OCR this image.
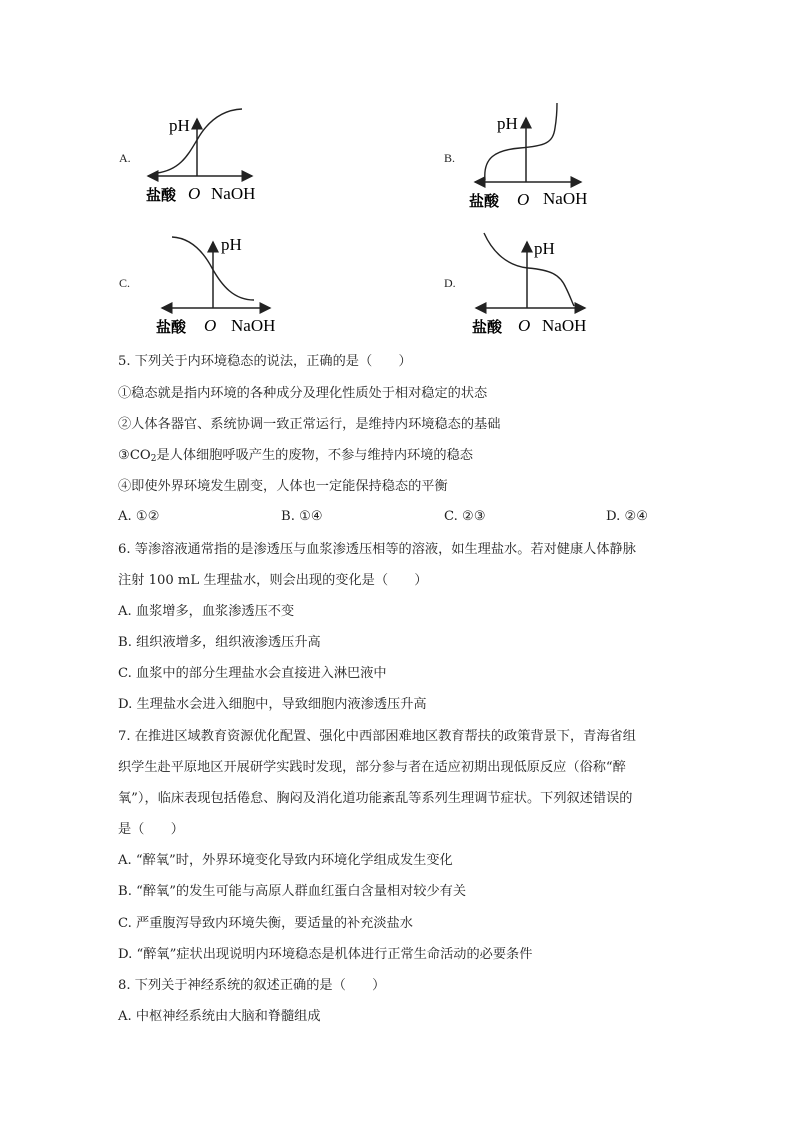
A.
pH
盐酸 O NaOH
B.
pH
盐酸 O NaOH
C.
pH
盐酸 O NaOH
D.
pH
盐酸 O NaOH
5. 下列关于内环境稳态的说法，正确的是（　　）
①稳态就是指内环境的各种成分及理化性质处于相对稳定的状态
②人体各器官、系统协调一致正常运行，是维持内环境稳态的基础
$③CO_2$是人体细胞呼吸产生的废物，不参与维持内环境的稳态
④即使外界环境发生剧变，人体也一定能保持稳态的平衡
A. ①②	B. ①④	C. ②③	D. ②④
6. 等渗溶液通常指的是渗透压与血浆渗透压相等的溶液，如生理盐水。若对健康人体静脉
注射 100 mL 生理盐水，则会出现的变化是（　　）
A. 血浆增多，血浆渗透压不变
B. 组织液增多，组织液渗透压升高
C. 血浆中的部分生理盐水会直接进入淋巴液中
D. 生理盐水会进入细胞中，导致细胞内液渗透压升高
7. 在推进区域教育资源优化配置、强化中西部困难地区教育帮扶的政策背景下，青海省组
织学生赴平原地区开展研学实践时发现，部分参与者在适应初期出现低原反应（俗称“醉
氧”），临床表现包括倦怠、胸闷及消化道功能紊乱等系列生理调节症状。下列叙述错误的
是（　　）
A. “醉氧”时，外界环境变化导致内环境化学组成发生变化
B. “醉氧”的发生可能与高原人群血红蛋白含量相对较少有关
C. 严重腹泻导致内环境失衡，要适量的补充淡盐水
D. “醉氧”症状出现说明内环境稳态是机体进行正常生命活动的必要条件
8. 下列关于神经系统的叙述正确的是（　　）
A. 中枢神经系统由大脑和脊髓组成
